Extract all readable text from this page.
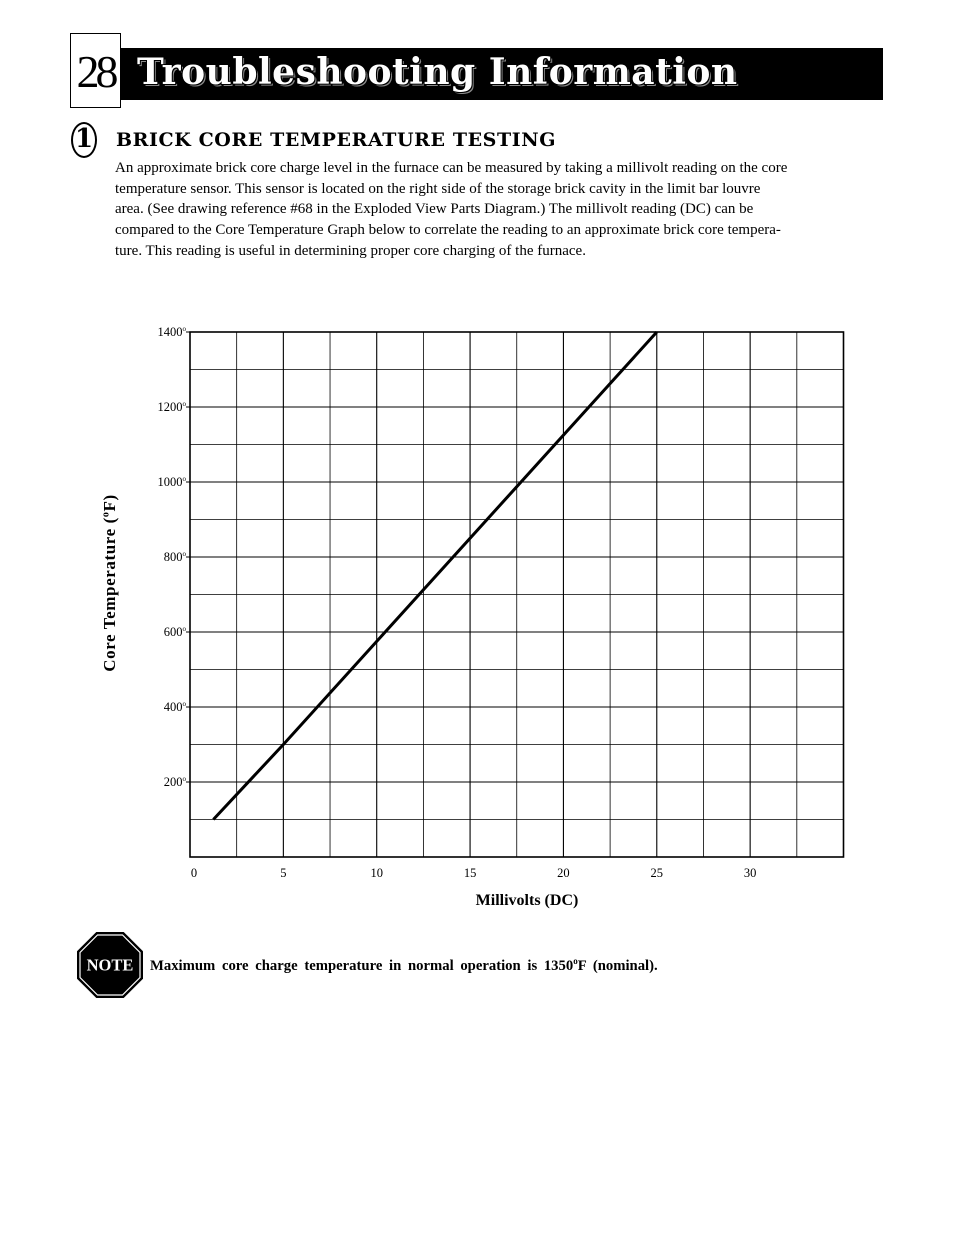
28 Troubleshooting Information
1 BRICK CORE TEMPERATURE TESTING
An approximate brick core charge level in the furnace can be measured by taking a millivolt reading on the core
temperature sensor. This sensor is located on the right side of the storage brick cavity in the limit bar louvre
area. (See drawing reference #68 in the Exploded View Parts Diagram.) The millivolt reading (DC) can be
compared to the Core Temperature Graph below to correlate the reading to an approximate brick core tempera-
ture. This reading is useful in determining proper core charging of the furnace.
200$^o$
400$^o$
600$^o$
800$^o$
1000$^o$
1200$^o$
1400$^o$
0	5	10	15	20	25	30
Core Temperature ($^o$F)
Millivolts (DC)
NOTE Maximum core charge temperature in normal operation is 1350$^o$F (nominal).
